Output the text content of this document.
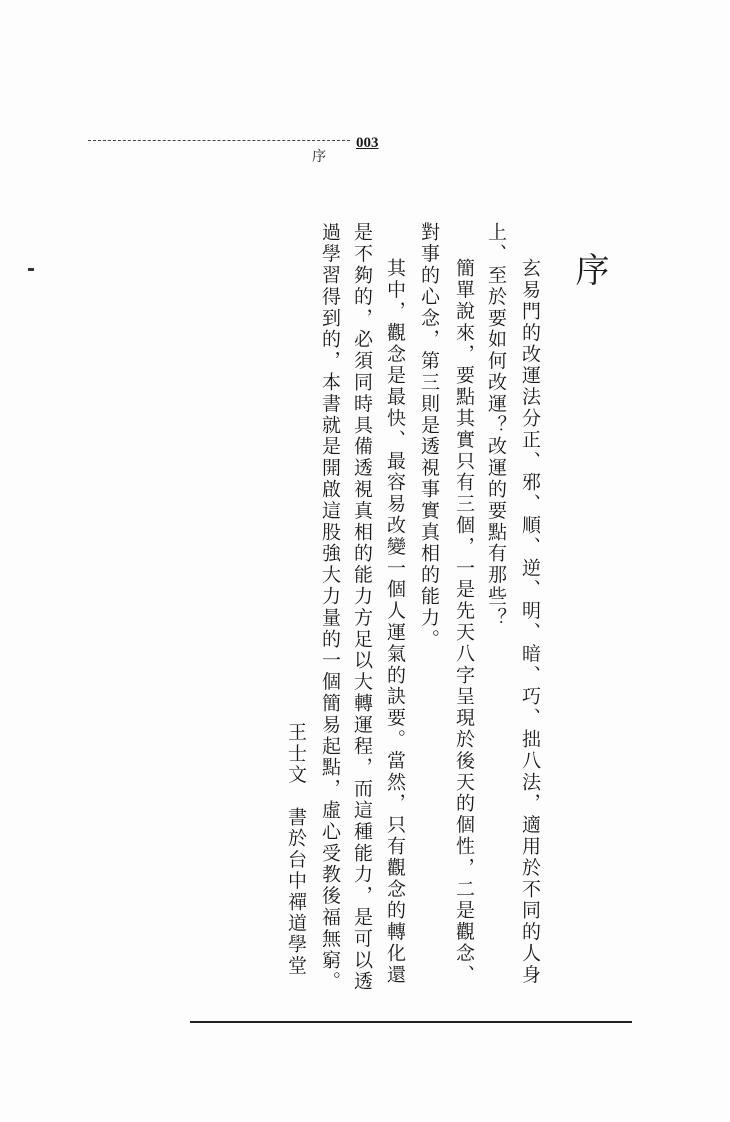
序
003
序
玄易門的改運法分正、邪、順、逆、明、暗、巧、拙八法，適用於不同的人身
上、至於要如何改運？改運的要點有那些？
簡單說來，要點其實只有三個，一是先天八字呈現於後天的個性，二是觀念、
對事的心念，第三則是透視事實真相的能力。
其中，觀念是最快、最容易改變一個人運氣的訣要。當然，只有觀念的轉化還
是不夠的，必須同時具備透視真相的能力方足以大轉運程，而這種能力，是可以透
過學習得到的，本書就是開啟這股強大力量的一個簡易起點，虛心受教後福無窮。
王士文　書於台中禪道學堂
